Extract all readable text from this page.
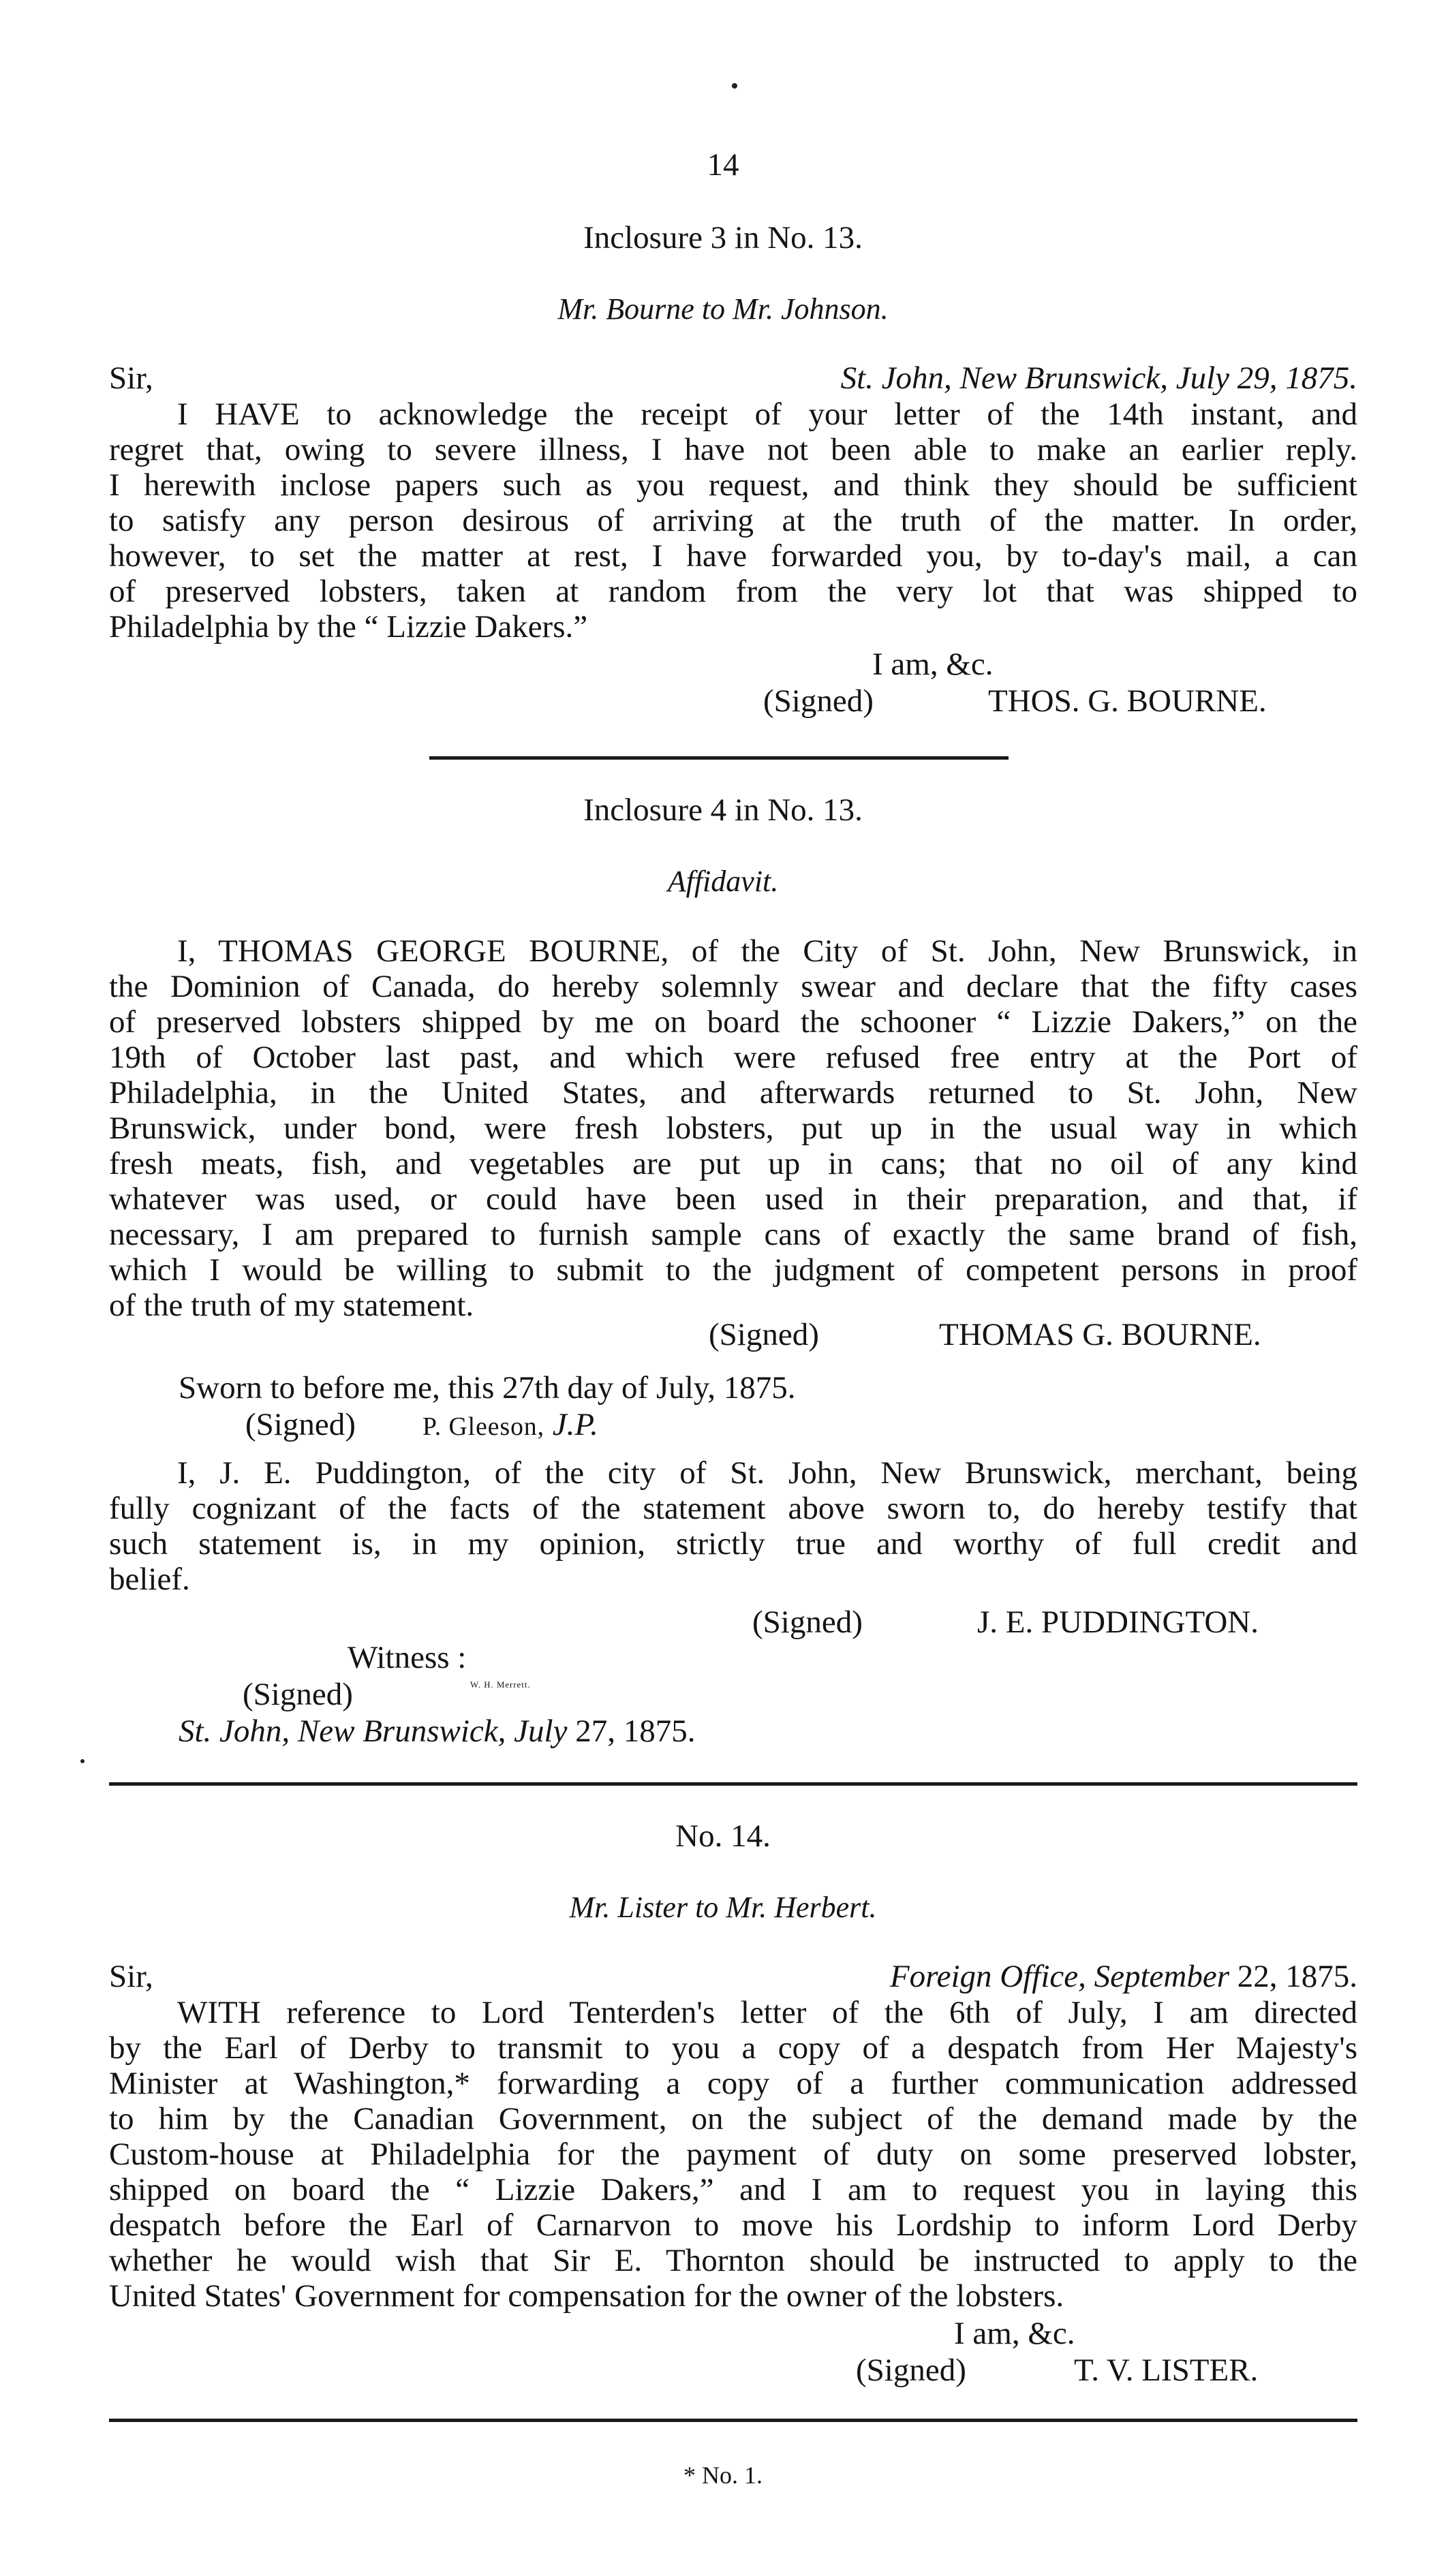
14
Inclosure 3 in No. 13.
Mr. Bourne to Mr. Johnson.
Sir,	St. John, New Brunswick, July 29, 1875.
I HAVE to acknowledge the receipt of your letter of the 14th instant, and
regret that, owing to severe illness, I have not been able to make an earlier reply.
I herewith inclose papers such as you request, and think they should be sufficient
to satisfy any person desirous of arriving at the truth of the matter. In order,
however, to set the matter at rest, I have forwarded you, by to-day's mail, a can
of preserved lobsters, taken at random from the very lot that was shipped to
Philadelphia by the “ Lizzie Dakers.”
I am, &c.
(Signed)	THOS. G. BOURNE.
Inclosure 4 in No. 13.
Affidavit.
I, THOMAS GEORGE BOURNE, of the City of St. John, New Brunswick, in
the Dominion of Canada, do hereby solemnly swear and declare that the fifty cases
of preserved lobsters shipped by me on board the schooner “ Lizzie Dakers,” on the
19th of October last past, and which were refused free entry at the Port of
Philadelphia, in the United States, and afterwards returned to St. John, New
Brunswick, under bond, were fresh lobsters, put up in the usual way in which
fresh meats, fish, and vegetables are put up in cans; that no oil of any kind
whatever was used, or could have been used in their preparation, and that, if
necessary, I am prepared to furnish sample cans of exactly the same brand of fish,
which I would be willing to submit to the judgment of competent persons in proof
of the truth of my statement.
(Signed)	THOMAS G. BOURNE.
Sworn to before me, this 27th day of July, 1875.
(Signed)	P. Gleeson, J.P.
I, J. E. Puddington, of the city of St. John, New Brunswick, merchant, being
fully cognizant of the facts of the statement above sworn to, do hereby testify that
such statement is, in my opinion, strictly true and worthy of full credit and
belief.
(Signed)	J. E. PUDDINGTON.
Witness :
(Signed)	W. H. Merrett.
St. John, New Brunswick, July 27, 1875.
No. 14.
Mr. Lister to Mr. Herbert.
Sir,	Foreign Office, September 22, 1875.
WITH reference to Lord Tenterden's letter of the 6th of July, I am directed
by the Earl of Derby to transmit to you a copy of a despatch from Her Majesty's
Minister at Washington,* forwarding a copy of a further communication addressed
to him by the Canadian Government, on the subject of the demand made by the
Custom-house at Philadelphia for the payment of duty on some preserved lobster,
shipped on board the “ Lizzie Dakers,” and I am to request you in laying this
despatch before the Earl of Carnarvon to move his Lordship to inform Lord Derby
whether he would wish that Sir E. Thornton should be instructed to apply to the
United States' Government for compensation for the owner of the lobsters.
I am, &c.
(Signed)	T. V. LISTER.
* No. 1.
